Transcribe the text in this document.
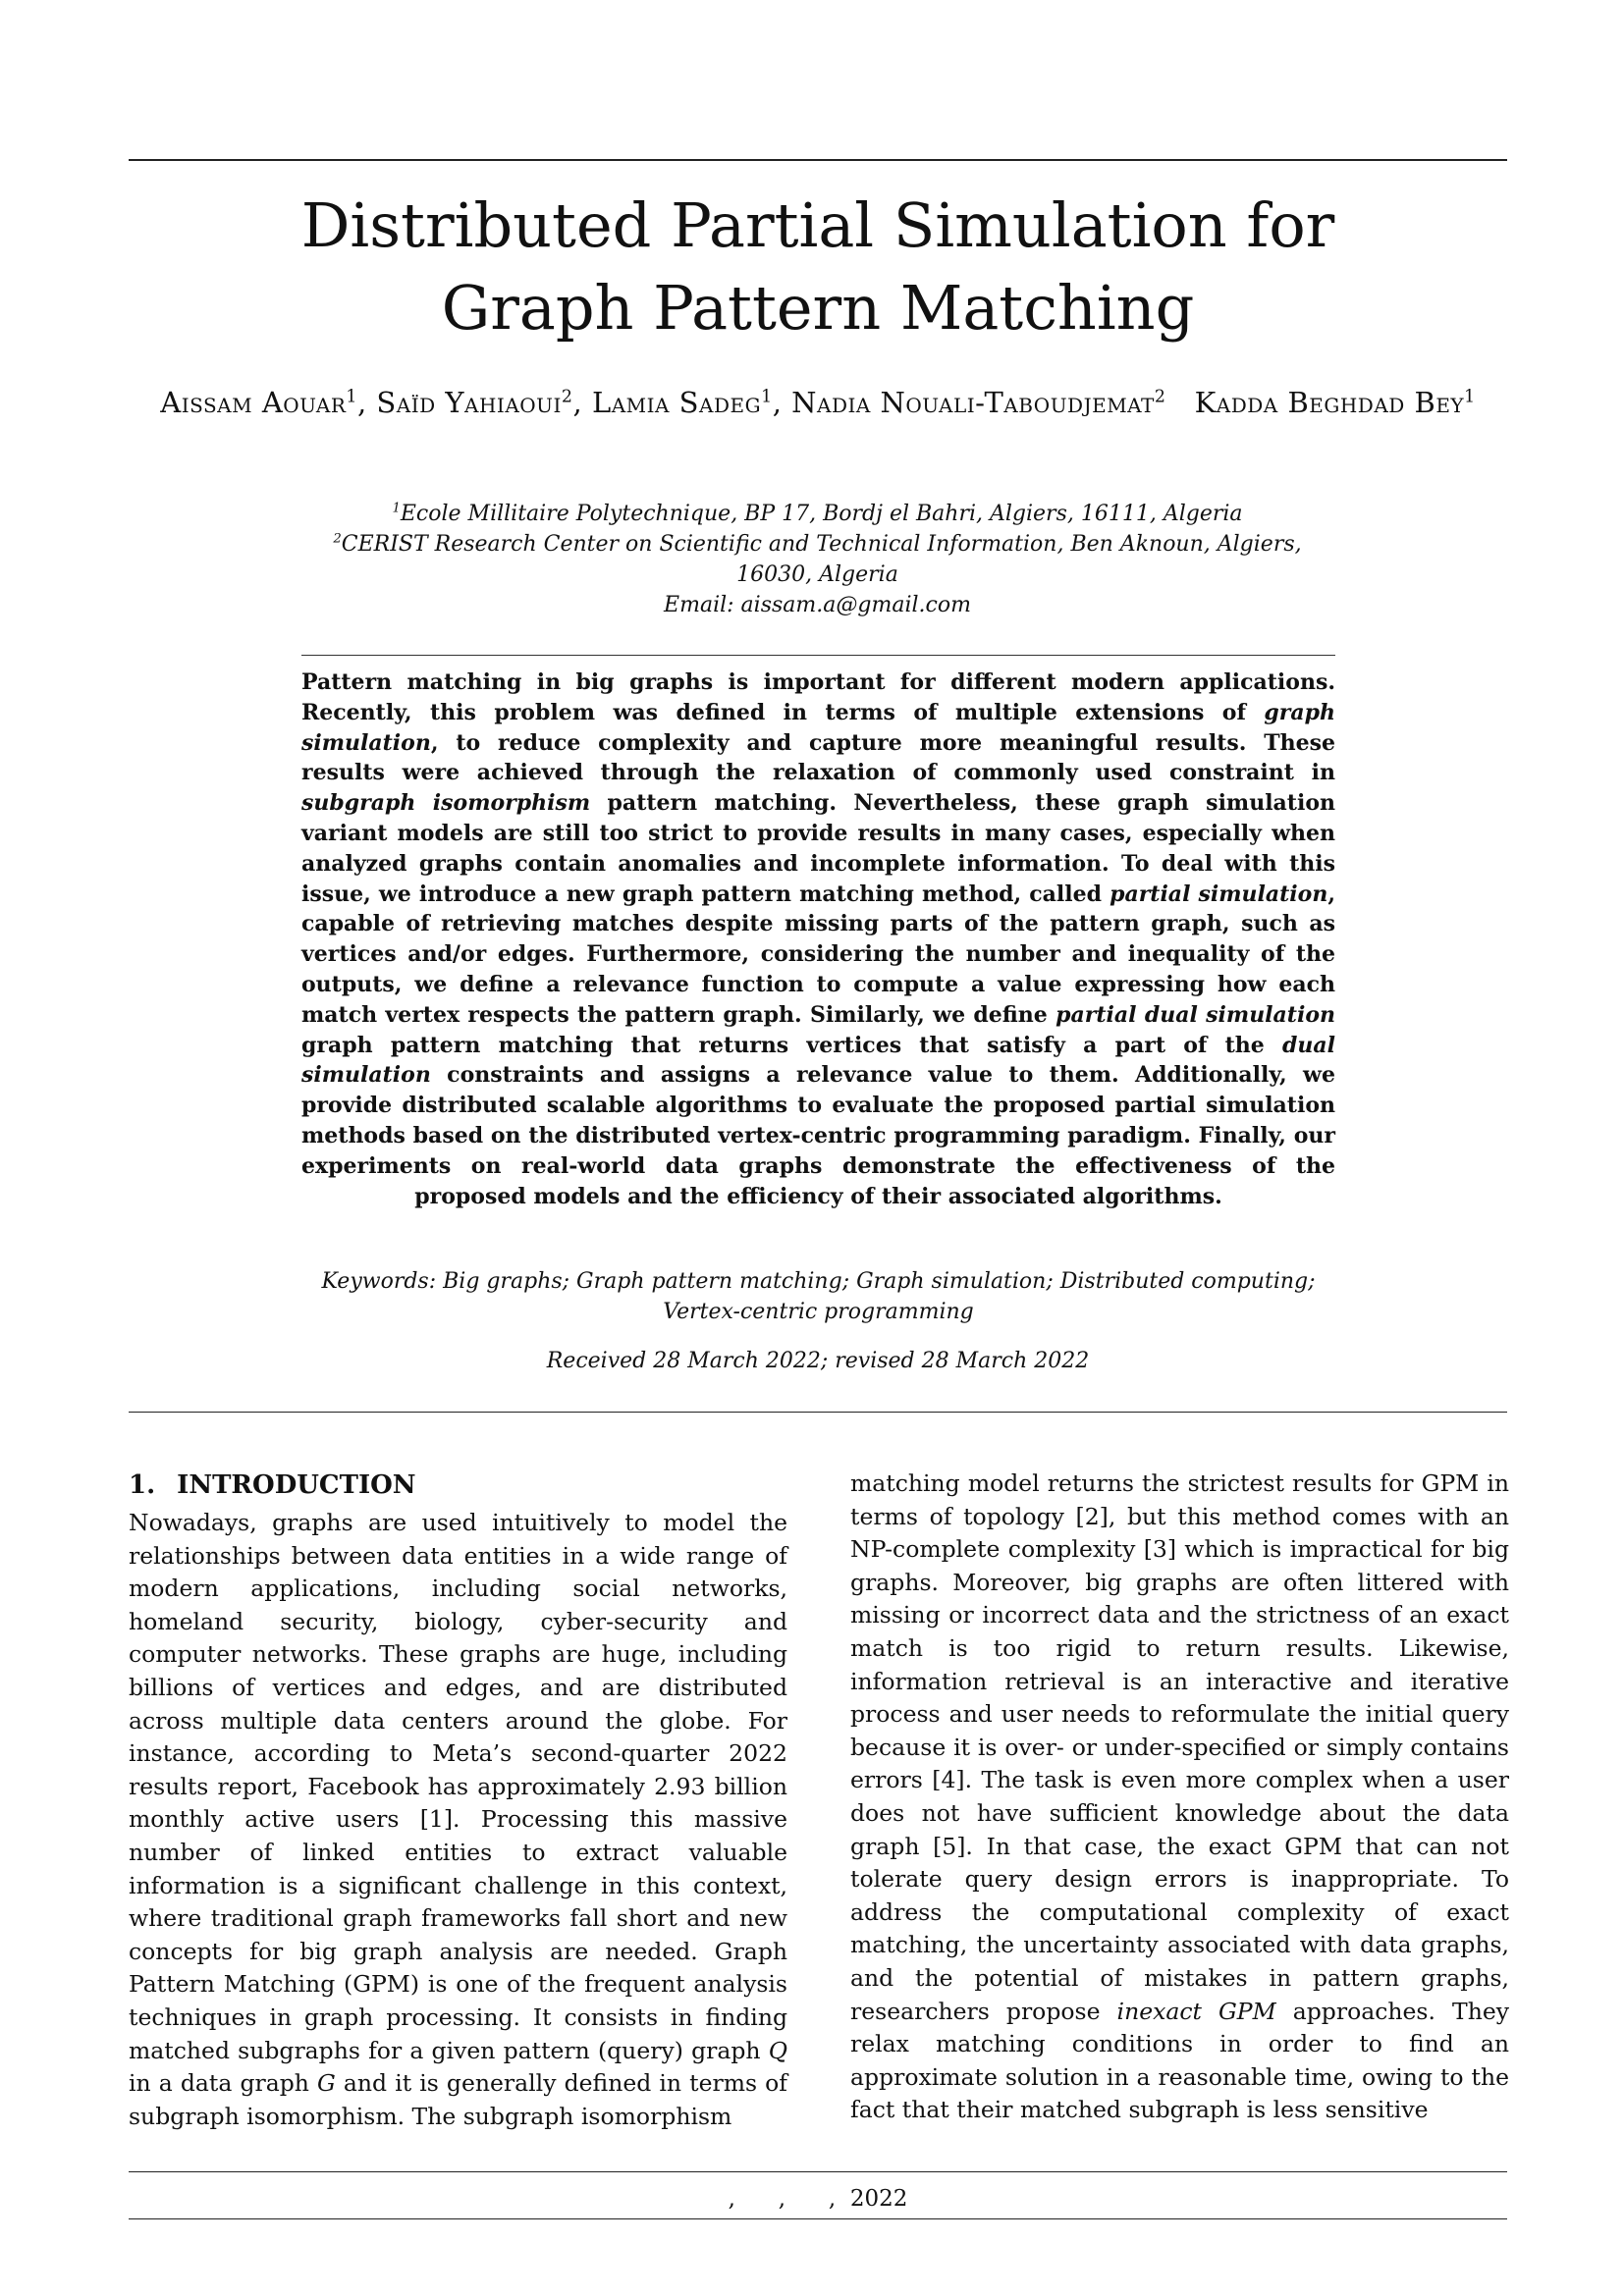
Distributed Partial Simulation for
Graph Pattern Matching
Aissam Aouar$^1$, Saïd Yahiaoui$^2$, Lamia Sadeg$^1$, Nadia Nouali-Taboudjemat$^2$ Kadda Beghdad Bey$^1$
$^1$Ecole Millitaire Polytechnique, BP 17, Bordj el Bahri, Algiers, 16111, Algeria
$^2$CERIST Research Center on Scientific and Technical Information, Ben Aknoun, Algiers, 16030, Algeria
Email: aissam.a@gmail.com
Pattern matching in big graphs is important for different modern applications. Recently, this problem was defined in terms of multiple extensions of graph simulation, to reduce complexity and capture more meaningful results. These results were achieved through the relaxation of commonly used constraint in subgraph isomorphism pattern matching. Nevertheless, these graph simulation variant models are still too strict to provide results in many cases, especially when analyzed graphs contain anomalies and incomplete information. To deal with this issue, we introduce a new graph pattern matching method, called partial simulation, capable of retrieving matches despite missing parts of the pattern graph, such as vertices and/or edges. Furthermore, considering the number and inequality of the outputs, we define a relevance function to compute a value expressing how each match vertex respects the pattern graph. Similarly, we define partial dual simulation graph pattern matching that returns vertices that satisfy a part of the dual simulation constraints and assigns a relevance value to them. Additionally, we provide distributed scalable algorithms to evaluate the proposed partial simulation methods based on the distributed vertex-centric programming paradigm. Finally, our experiments on real-world data graphs demonstrate the effectiveness of the proposed models and the efficiency of their associated algorithms.
Keywords: Big graphs; Graph pattern matching; Graph simulation; Distributed computing; Vertex-centric programming
Received 28 March 2022; revised 28 March 2022
1. INTRODUCTION
Nowadays, graphs are used intuitively to model the relationships between data entities in a wide range of modern applications, including social networks, homeland security, biology, cyber-security and computer networks. These graphs are huge, including billions of vertices and edges, and are distributed across multiple data centers around the globe. For instance, according to Meta’s second-quarter 2022 results report, Facebook has approximately 2.93 billion monthly active users [1]. Processing this massive number of linked entities to extract valuable information is a significant challenge in this context, where traditional graph frameworks fall short and new concepts for big graph analysis are needed. Graph Pattern Matching (GPM) is one of the frequent analysis techniques in graph processing. It consists in finding matched subgraphs for a given pattern (query) graph Q in a data graph G and it is generally defined in terms of subgraph isomorphism. The subgraph isomorphism
matching model returns the strictest results for GPM in terms of topology [2], but this method comes with an NP-complete complexity [3] which is impractical for big graphs. Moreover, big graphs are often littered with missing or incorrect data and the strictness of an exact match is too rigid to return results. Likewise, information retrieval is an interactive and iterative process and user needs to reformulate the initial query because it is over- or under-specified or simply contains errors [4]. The task is even more complex when a user does not have sufficient knowledge about the data graph [5]. In that case, the exact GPM that can not tolerate query design errors is inappropriate. To address the computational complexity of exact matching, the uncertainty associated with data graphs, and the potential of mistakes in pattern graphs, researchers propose inexact GPM approaches. They relax matching conditions in order to find an approximate solution in a reasonable time, owing to the fact that their matched subgraph is less sensitive
,      ,      ,  2022
